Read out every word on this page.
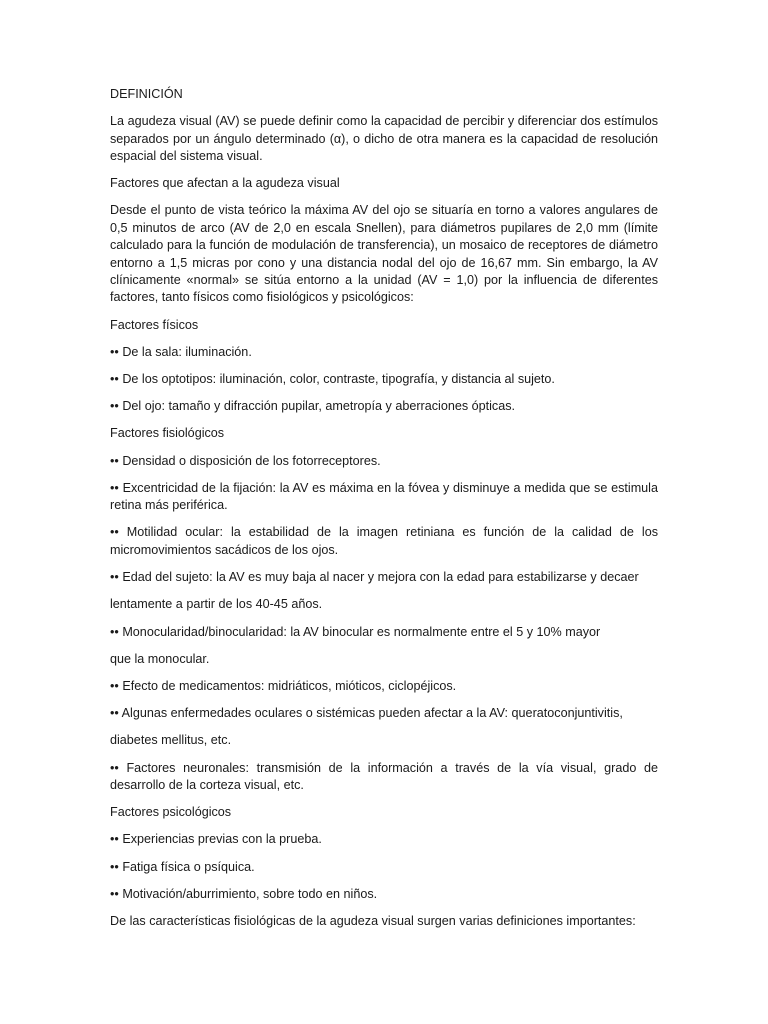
DEFINICIÓN

La agudeza visual (AV) se puede definir como la capacidad de percibir y diferenciar dos estímulos separados por un ángulo determinado (α), o dicho de otra manera es la capacidad de resolución espacial del sistema visual.

Factores que afectan a la agudeza visual

Desde el punto de vista teórico la máxima AV del ojo se situaría en torno a valores angulares de 0,5 minutos de arco (AV de 2,0 en escala Snellen), para diámetros pupilares de 2,0 mm (límite calculado para la función de modulación de transferencia), un mosaico de receptores de diámetro entorno a 1,5 micras por cono y una distancia nodal del ojo de 16,67 mm. Sin embargo, la AV clínicamente «normal» se sitúa entorno a la unidad (AV = 1,0) por la influencia de diferentes factores, tanto físicos como fisiológicos y psicológicos:

Factores físicos

•• De la sala: iluminación.

•• De los optotipos: iluminación, color, contraste, tipografía, y distancia al sujeto.

•• Del ojo: tamaño y difracción pupilar, ametropía y aberraciones ópticas.

Factores fisiológicos

•• Densidad o disposición de los fotorreceptores.

•• Excentricidad de la fijación: la AV es máxima en la fóvea y disminuye a medida que se estimula retina más periférica.

•• Motilidad ocular: la estabilidad de la imagen retiniana es función de la calidad de los micromovimientos sacádicos de los ojos.

•• Edad del sujeto: la AV es muy baja al nacer y mejora con la edad para estabilizarse y decaer

lentamente a partir de los 40-45 años.

•• Monocularidad/binocularidad: la AV binocular es normalmente entre el 5 y 10% mayor

que la monocular.

•• Efecto de medicamentos: midriáticos, mióticos, ciclopéjicos.

•• Algunas enfermedades oculares o sistémicas pueden afectar a la AV: queratoconjuntivitis,

diabetes mellitus, etc.

•• Factores neuronales: transmisión de la información a través de la vía visual, grado de desarrollo de la corteza visual, etc.

Factores psicológicos

•• Experiencias previas con la prueba.

•• Fatiga física o psíquica.

•• Motivación/aburrimiento, sobre todo en niños.

De las características fisiológicas de la agudeza visual surgen varias definiciones importantes:
